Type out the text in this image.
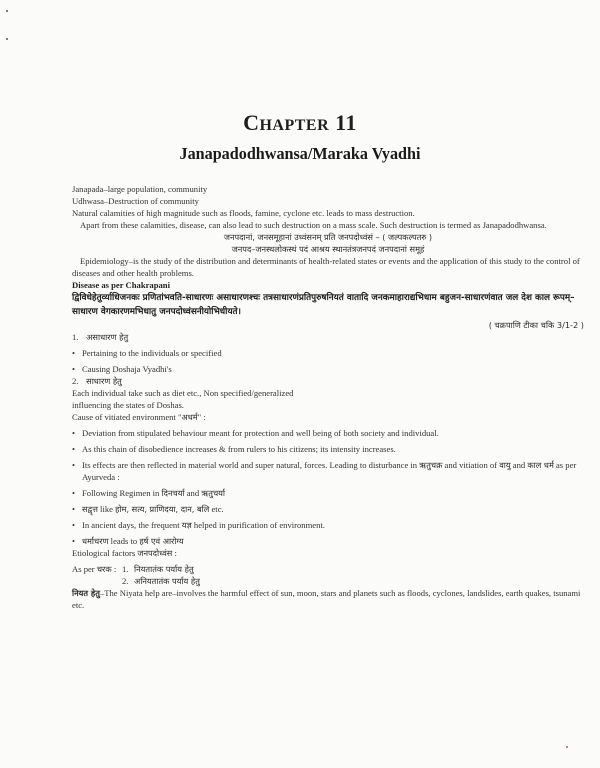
CHAPTER 11
Janapadodhwansa/Maraka Vyadhi

Janapada–large population, community

Udhwasa–Destruction of community

Natural calamities of high magnitude such as floods, famine, cyclone etc. leads to mass destruction.

Apart from these calamities, disease, can also lead to such destruction on a mass scale. Such destruction is termed as Janapadodhwansa.

जनपदानां, जनसमूहानां उध्वंसनम् प्रति जनपदोध्वंसं – ( जल्पकल्पतरु )

जनपद–जनस्थलोकस्थं पदं आश्रय स्थानतंत्रजनपदं जनपदानां समूहं

Epidemiology–is the study of the distribution and determinants of health-related states or events and the application of this study to the control of diseases and other health problems.

Disease as per Chakrapani

द्विविधेहेतुर्व्याधिजनकः प्रणितांभवति-साधारणः असाधारणश्चः तत्रसाधारणंप्रतिपुरुषनियतं वातादि जनकमाहाराद्यभिधाम बहुजन-साधारणंवात जल देश काल रूपम्–साधारण वेगकारणमभिधातु जनपदोध्वंसनीयोभिधीयते।

( चक्रपाणि टीका चकि 3/1-2 )

1. असाधारण हेतु

• Pertaining to the individuals or specified
• Causing Doshaja Vyadhi's

2. साधारण हेतु

Each individual take such as diet etc., Non specified/generalized

influencing the states of Doshas.

Cause of vitiated environment "अधर्म" :

• Deviation from stipulated behaviour meant for protection and well being of both society and individual.
• As this chain of disobedience increases & from rulers to his citizens; its intensity increases.
• Its effects are then reflected in material world and super natural, forces. Leading to disturbance in ऋतुचक्र and vitiation of वायु and काल धर्म as per Ayurveda :
• Following Regimen in दिनचर्या and ऋतुचर्या
• सद्वृत्त like होम, सत्य, प्राणिदया, दान, बलि etc.
• In ancient days, the frequent यज्ञ helped in purification of environment.
• धर्माचरण leads to हर्ष एवं आरोग्य

Etiological factors जनपदोध्वंस :

As per चरक : 1. नियतातंक पर्याय हेतु

2. अनियतातंक पर्याय हेतु

नियत हेतु–The Niyata help are–involves the harmful effect of sun, moon, stars and planets such as floods, cyclones, landslides, earth quakes, tsunami etc.
